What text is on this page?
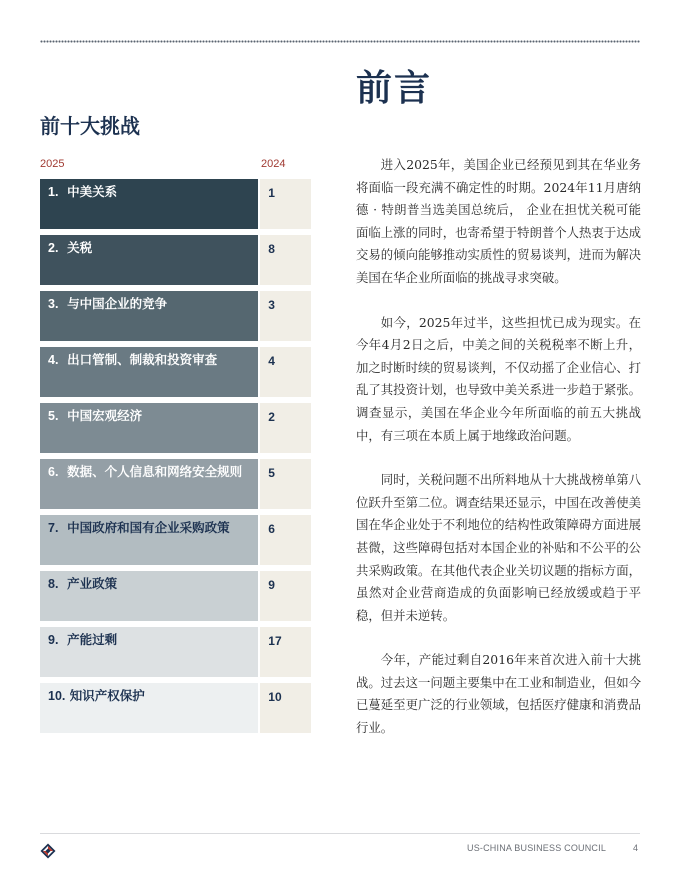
前言
前十大挑战
2025	2024
1. 中美关系	1
2. 关税	8
3. 与中国企业的竞争	3
4. 出口管制、制裁和投资审查	4
5. 中国宏观经济	2
6. 数据、个人信息和网络安全规则	5
7. 中国政府和国有企业采购政策	6
8. 产业政策	9
9. 产能过剩	17
10. 知识产权保护	10

进入2025年，美国企业已经预见到其在华业务将面临一段充满不确定性的时期。2024年11月唐纳德 · 特朗普当选美国总统后， 企业在担忧关税可能面临上涨的同时，也寄希望于特朗普个人热衷于达成交易的倾向能够推动实质性的贸易谈判，进而为解决美国在华企业所面临的挑战寻求突破。

如今，2025年过半，这些担忧已成为现实。在今年4月2日之后，中美之间的关税税率不断上升，加之时断时续的贸易谈判，不仅动摇了企业信心、打乱了其投资计划，也导致中美关系进一步趋于紧张。调查显示，美国在华企业今年所面临的前五大挑战中，有三项在本质上属于地缘政治问题。

同时，关税问题不出所料地从十大挑战榜单第八位跃升至第二位。调查结果还显示，中国在改善使美国在华企业处于不利地位的结构性政策障碍方面进展甚微，这些障碍包括对本国企业的补贴和不公平的公共采购政策。在其他代表企业关切议题的指标方面，虽然对企业营商造成的负面影响已经放缓或趋于平稳，但并未逆转。

今年，产能过剩自2016年来首次进入前十大挑战。过去这一问题主要集中在工业和制造业，但如今已蔓延至更广泛的行业领域，包括医疗健康和消费品行业。

US-CHINA BUSINESS COUNCIL	4
